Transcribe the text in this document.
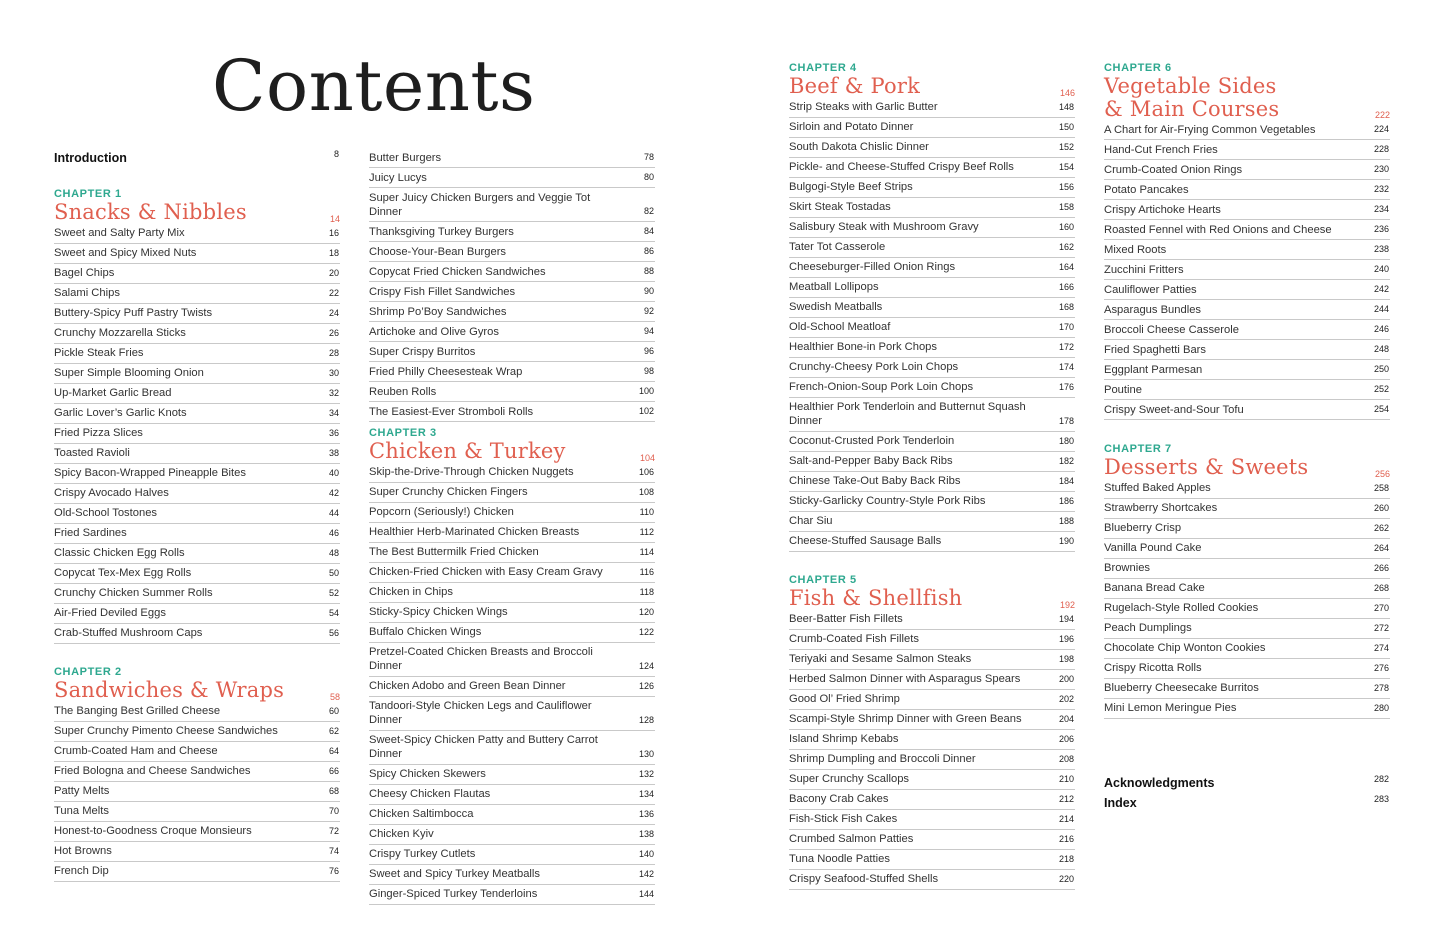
Contents
Introduction	8
CHAPTER 1
Snacks & Nibbles	14
Sweet and Salty Party Mix	16
Sweet and Spicy Mixed Nuts	18
Bagel Chips	20
Salami Chips	22
Buttery-Spicy Puff Pastry Twists	24
Crunchy Mozzarella Sticks	26
Pickle Steak Fries	28
Super Simple Blooming Onion	30
Up-Market Garlic Bread	32
Garlic Lover’s Garlic Knots	34
Fried Pizza Slices	36
Toasted Ravioli	38
Spicy Bacon-Wrapped Pineapple Bites	40
Crispy Avocado Halves	42
Old-School Tostones	44
Fried Sardines	46
Classic Chicken Egg Rolls	48
Copycat Tex-Mex Egg Rolls	50
Crunchy Chicken Summer Rolls	52
Air-Fried Deviled Eggs	54
Crab-Stuffed Mushroom Caps	56
CHAPTER 2
Sandwiches & Wraps	58
The Banging Best Grilled Cheese	60
Super Crunchy Pimento Cheese Sandwiches	62
Crumb-Coated Ham and Cheese	64
Fried Bologna and Cheese Sandwiches	66
Patty Melts	68
Tuna Melts	70
Honest-to-Goodness Croque Monsieurs	72
Hot Browns	74
French Dip	76
Butter Burgers	78
Juicy Lucys	80
Super Juicy Chicken Burgers and Veggie Tot Dinner	82
Thanksgiving Turkey Burgers	84
Choose-Your-Bean Burgers	86
Copycat Fried Chicken Sandwiches	88
Crispy Fish Fillet Sandwiches	90
Shrimp Po’Boy Sandwiches	92
Artichoke and Olive Gyros	94
Super Crispy Burritos	96
Fried Philly Cheesesteak Wrap	98
Reuben Rolls	100
The Easiest-Ever Stromboli Rolls	102
CHAPTER 3
Chicken & Turkey	104
Skip-the-Drive-Through Chicken Nuggets	106
Super Crunchy Chicken Fingers	108
Popcorn (Seriously!) Chicken	110
Healthier Herb-Marinated Chicken Breasts	112
The Best Buttermilk Fried Chicken	114
Chicken-Fried Chicken with Easy Cream Gravy	116
Chicken in Chips	118
Sticky-Spicy Chicken Wings	120
Buffalo Chicken Wings	122
Pretzel-Coated Chicken Breasts and Broccoli Dinner	124
Chicken Adobo and Green Bean Dinner	126
Tandoori-Style Chicken Legs and Cauliflower Dinner	128
Sweet-Spicy Chicken Patty and Buttery Carrot Dinner	130
Spicy Chicken Skewers	132
Cheesy Chicken Flautas	134
Chicken Saltimbocca	136
Chicken Kyiv	138
Crispy Turkey Cutlets	140
Sweet and Spicy Turkey Meatballs	142
Ginger-Spiced Turkey Tenderloins	144
CHAPTER 4
Beef & Pork	146
Strip Steaks with Garlic Butter	148
Sirloin and Potato Dinner	150
South Dakota Chislic Dinner	152
Pickle- and Cheese-Stuffed Crispy Beef Rolls	154
Bulgogi-Style Beef Strips	156
Skirt Steak Tostadas	158
Salisbury Steak with Mushroom Gravy	160
Tater Tot Casserole	162
Cheeseburger-Filled Onion Rings	164
Meatball Lollipops	166
Swedish Meatballs	168
Old-School Meatloaf	170
Healthier Bone-in Pork Chops	172
Crunchy-Cheesy Pork Loin Chops	174
French-Onion-Soup Pork Loin Chops	176
Healthier Pork Tenderloin and Butternut Squash Dinner	178
Coconut-Crusted Pork Tenderloin	180
Salt-and-Pepper Baby Back Ribs	182
Chinese Take-Out Baby Back Ribs	184
Sticky-Garlicky Country-Style Pork Ribs	186
Char Siu	188
Cheese-Stuffed Sausage Balls	190
CHAPTER 5
Fish & Shellfish	192
Beer-Batter Fish Fillets	194
Crumb-Coated Fish Fillets	196
Teriyaki and Sesame Salmon Steaks	198
Herbed Salmon Dinner with Asparagus Spears	200
Good Ol’ Fried Shrimp	202
Scampi-Style Shrimp Dinner with Green Beans	204
Island Shrimp Kebabs	206
Shrimp Dumpling and Broccoli Dinner	208
Super Crunchy Scallops	210
Bacony Crab Cakes	212
Fish-Stick Fish Cakes	214
Crumbed Salmon Patties	216
Tuna Noodle Patties	218
Crispy Seafood-Stuffed Shells	220
CHAPTER 6
Vegetable Sides
& Main Courses	222
A Chart for Air-Frying Common Vegetables	224
Hand-Cut French Fries	228
Crumb-Coated Onion Rings	230
Potato Pancakes	232
Crispy Artichoke Hearts	234
Roasted Fennel with Red Onions and Cheese	236
Mixed Roots	238
Zucchini Fritters	240
Cauliflower Patties	242
Asparagus Bundles	244
Broccoli Cheese Casserole	246
Fried Spaghetti Bars	248
Eggplant Parmesan	250
Poutine	252
Crispy Sweet-and-Sour Tofu	254
CHAPTER 7
Desserts & Sweets	256
Stuffed Baked Apples	258
Strawberry Shortcakes	260
Blueberry Crisp	262
Vanilla Pound Cake	264
Brownies	266
Banana Bread Cake	268
Rugelach-Style Rolled Cookies	270
Peach Dumplings	272
Chocolate Chip Wonton Cookies	274
Crispy Ricotta Rolls	276
Blueberry Cheesecake Burritos	278
Mini Lemon Meringue Pies	280
Acknowledgments	282
Index	283
